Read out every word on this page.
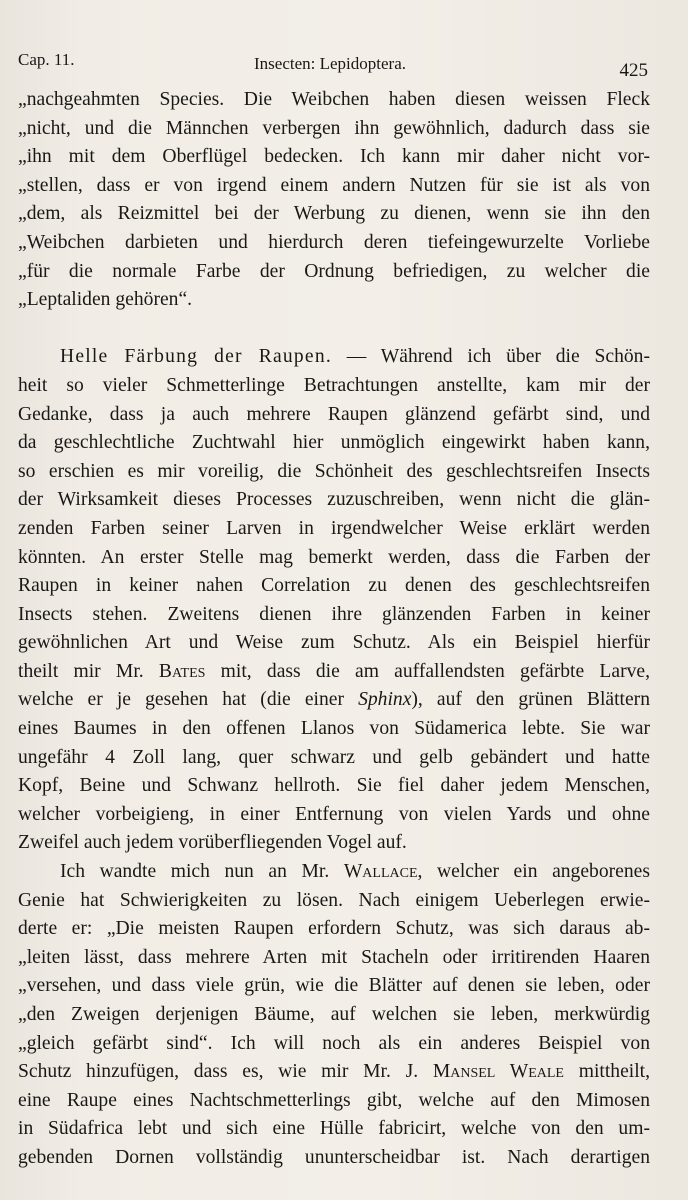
Cap. 11.	Insecten: Lepidoptera.	425
„nachgeahmten Species. Die Weibchen haben diesen weissen Fleck
„nicht, und die Männchen verbergen ihn gewöhnlich, dadurch dass sie
„ihn mit dem Oberflügel bedecken. Ich kann mir daher nicht vor-
„stellen, dass er von irgend einem andern Nutzen für sie ist als von
„dem, als Reizmittel bei der Werbung zu dienen, wenn sie ihn den
„Weibchen darbieten und hierdurch deren tiefeingewurzelte Vorliebe
„für die normale Farbe der Ordnung befriedigen, zu welcher die
„Leptaliden gehören“.
Helle Färbung der Raupen. — Während ich über die Schön-
heit so vieler Schmetterlinge Betrachtungen anstellte, kam mir der
Gedanke, dass ja auch mehrere Raupen glänzend gefärbt sind, und
da geschlechtliche Zuchtwahl hier unmöglich eingewirkt haben kann,
so erschien es mir voreilig, die Schönheit des geschlechtsreifen Insects
der Wirksamkeit dieses Processes zuzuschreiben, wenn nicht die glän-
zenden Farben seiner Larven in irgendwelcher Weise erklärt werden
könnten. An erster Stelle mag bemerkt werden, dass die Farben der
Raupen in keiner nahen Correlation zu denen des geschlechtsreifen
Insects stehen. Zweitens dienen ihre glänzenden Farben in keiner
gewöhnlichen Art und Weise zum Schutz. Als ein Beispiel hierfür
theilt mir Mr. Bates mit, dass die am auffallendsten gefärbte Larve,
welche er je gesehen hat (die einer Sphinx), auf den grünen Blättern
eines Baumes in den offenen Llanos von Südamerica lebte. Sie war
ungefähr 4 Zoll lang, quer schwarz und gelb gebändert und hatte
Kopf, Beine und Schwanz hellroth. Sie fiel daher jedem Menschen,
welcher vorbeigieng, in einer Entfernung von vielen Yards und ohne
Zweifel auch jedem vorüberfliegenden Vogel auf.
Ich wandte mich nun an Mr. Wallace, welcher ein angeborenes
Genie hat Schwierigkeiten zu lösen. Nach einigem Ueberlegen erwie-
derte er: „Die meisten Raupen erfordern Schutz, was sich daraus ab-
„leiten lässt, dass mehrere Arten mit Stacheln oder irritirenden Haaren
„versehen, und dass viele grün, wie die Blätter auf denen sie leben, oder
„den Zweigen derjenigen Bäume, auf welchen sie leben, merkwürdig
„gleich gefärbt sind“. Ich will noch als ein anderes Beispiel von
Schutz hinzufügen, dass es, wie mir Mr. J. Mansel Weale mittheilt,
eine Raupe eines Nachtschmetterlings gibt, welche auf den Mimosen
in Südafrica lebt und sich eine Hülle fabricirt, welche von den um-
gebenden Dornen vollständig ununterscheidbar ist. Nach derartigen
